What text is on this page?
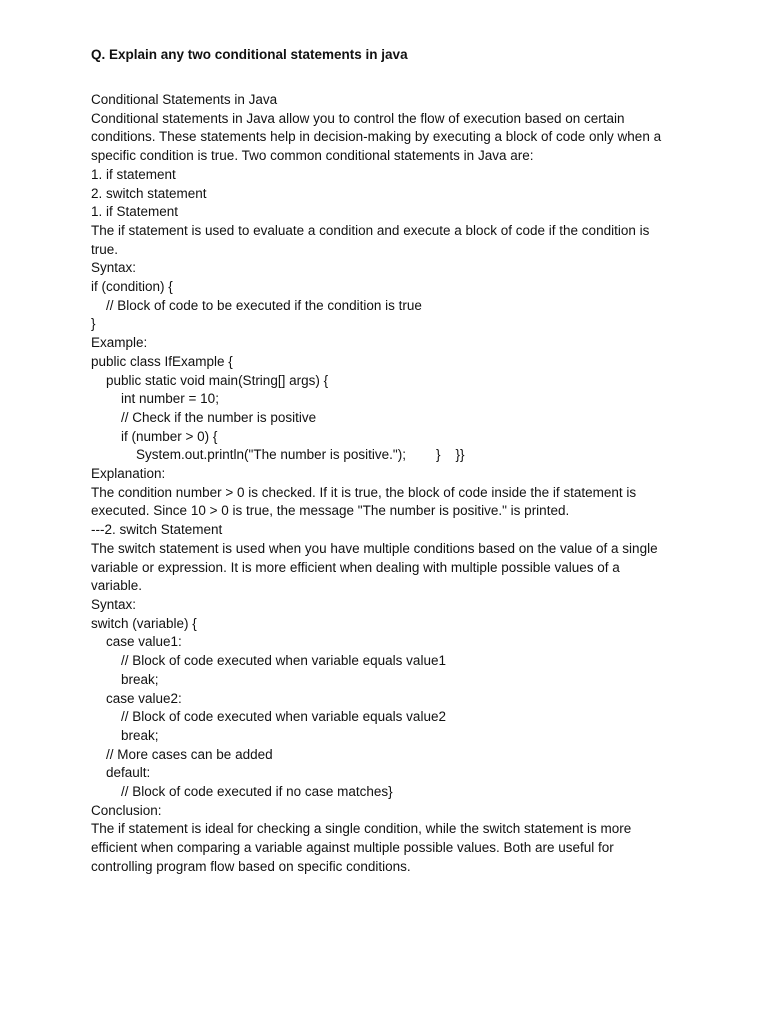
Q. Explain any two conditional statements in java
Conditional Statements in Java
Conditional statements in Java allow you to control the flow of execution based on certain
conditions. These statements help in decision-making by executing a block of code only when a
specific condition is true. Two common conditional statements in Java are:
1. if statement
2. switch statement
1. if Statement
The if statement is used to evaluate a condition and execute a block of code if the condition is
true.
Syntax:
if (condition) {
// Block of code to be executed if the condition is true
}
Example:
public class IfExample {
public static void main(String[] args) {
int number = 10;
// Check if the number is positive
if (number > 0) {
System.out.println("The number is positive.");        }    }}
Explanation:
The condition number > 0 is checked. If it is true, the block of code inside the if statement is
executed. Since 10 > 0 is true, the message "The number is positive." is printed.
---2. switch Statement
The switch statement is used when you have multiple conditions based on the value of a single
variable or expression. It is more efficient when dealing with multiple possible values of a
variable.
Syntax:
switch (variable) {
case value1:
// Block of code executed when variable equals value1
break;
case value2:
// Block of code executed when variable equals value2
break;
// More cases can be added
default:
// Block of code executed if no case matches}
Conclusion:
The if statement is ideal for checking a single condition, while the switch statement is more
efficient when comparing a variable against multiple possible values. Both are useful for
controlling program flow based on specific conditions.
